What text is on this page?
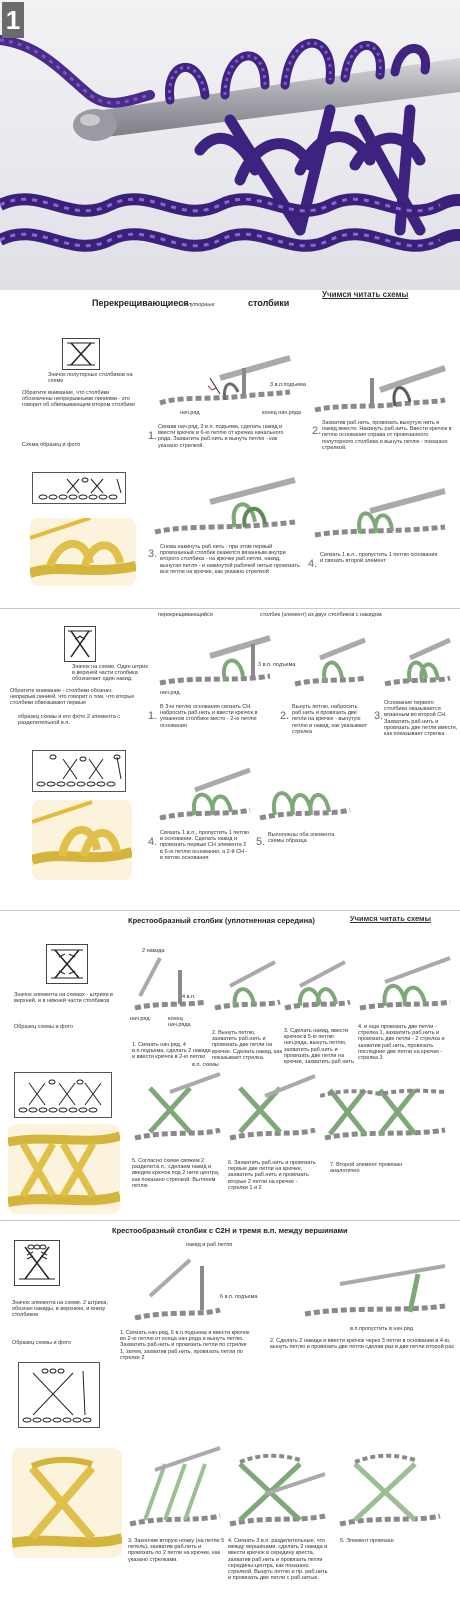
1
Учимся читать схемы
Перекрещивающиеся
полуторные	столбики
Значок полуторных столбиков на схеме
Обратите внимание, что столбики обозначены непрерывными линиями - это говорит об обвязывающем втором столбике
Схема образец и фото
3 в.п.подъема
нач.ряд	конец нач.ряда
1.
Связав нач.ряд, 3 в.п. подъема, сделать накид и ввести крючок в 6-ю петлю от крючка начального ряда. Захватить раб.нить и вынуть петлю - как указано стрелкой.
2.
Захватив раб.нить, провязать вынутую нить и накид вместе. Накинуть раб.нить. Ввести крючок в петлю основания справа от провязанного полуторного столбика и вынуть петлю - показано стрелкой.
3.
Снова накинуть раб.нить - при этом первый провязанный столбик окажется вязанным внутри второго столбика - на крючке раб.петли, накид, вынутая петля - и накинутой рабочей нитью провязать все петли на крючке, как указано стрелкой
4.
Связать 1 в.п., пропустить 1 петлю основания и связать второй элемент
перекрещивающийся	столбик (элемент) из двух столбиков с накидом
Значок на схеме. Один штрих в верхней части столбика обозначает один накид.
Обратите внимание - столбики обознач. непрерыв.линией, что говорит о том, что вторые столбики обвязывают первые
образец схемы и его фото 2 элемента с разделительной в.п.
3 в.п. подъема
нач.ряд
1.
В 3-ю петлю основания связать СН. набросить раб.нить и ввести крючок в уязанном столбике место - 2-ю петлю основания
2.
Вынуть петлю, набросить раб.нить и провязать две петли на крючке - вынутую петлю и накид, как указывает стрелка
3.
Основание первого столбика оказывается вязанным во второй СН. Захватить раб.нить и провязать две петли вместе, как показывает стрелка
4.
Связать 1 в.п., пропустить 1 петлю в основании. Сделать накид и провязать первые СН элемента 2 в 6-ю петлю основания, а 2-й СН - в петлю основания
5.
Выполнены оба элемента схемы образца
Крестообразный столбик (уплотненная середина)	Учимся читать схемы
Значок элемента на схемах - штрихи в верхней, и в нижней части столбиков
Образец схемы и фото
2 накида
4 в.п.
нач.ряд	конец нач.ряда
1. Связать нач.ряд, 4 в.п.подъема, сделать 2 накида и ввести крючок в 2-ю петлю
2. Вынуть петлю, захватить раб.нить и провязать две петли на крючке. Сделать накид, как показывает стрелка.
3. Сделать накид, ввести крючок в 5-ю петлю нач.ряда, вынуть петлю, захватить раб.нить и провязать две петли на крючке, захватить раб нить
4. и еще провязать две петли - стрелка 1, захватить раб.нить и провязать две петли - 2 стрелка и захватив раб.нить, провязать последние две петли на крючке - стрелка 3
в.п. схемы
5. Согласно схеме свяжем 2 разделит.в.п., сделаем накид и введем крючок под 2 нити центра, как показано стрелкой. Вытянем петлю
6. Захватить раб.нить и провязать первые две петли на крючке, захватить раб.нить и провязать вторые 2 петли на крючке - стрелки 1 и 2
7. Второй элемент провязан аналогично
Крестообразный столбик с С2Н и тремя в.п. между вершинами
Значок элемента на схеме. 2 штриха, обознач накиды, в верхнюю, и внизу столбиков
Образец схемы и фото
накид и раб.петля
6 в.п. подъема
в.п.пропустить в нач.ряд
1. Связать нач.ряд, 6 в.п.подъема и ввести крючок во 2-ю петлю от конца нач.ряда и вынуть петлю. Захватить раб.нить и провязать петли по стрелке 1, затем, захватив раб.нить, провязать петли по стрелке 2
2. Сделать 2 накида и ввести крючок через 3 петли в основании в 4-ю, вынуть петлю и провязать две петли сделав раз в две петли второй раз
3. Закончив вторую ножку (на петле 5 петель), захватив раб.нить и провязать по 2 петли на крючке, как указано стрелками.
4. Связать 3 в.п. разделительные, что между вершинами, сделать 2 накида и ввести крючок в середину креста, захватив раб.нить и провязать петли середины-центра, как показано стрелкой. Вынуть петлю и пр. раб.нить и провязать две петли с раб.нитью.
5. Элемент провязан
